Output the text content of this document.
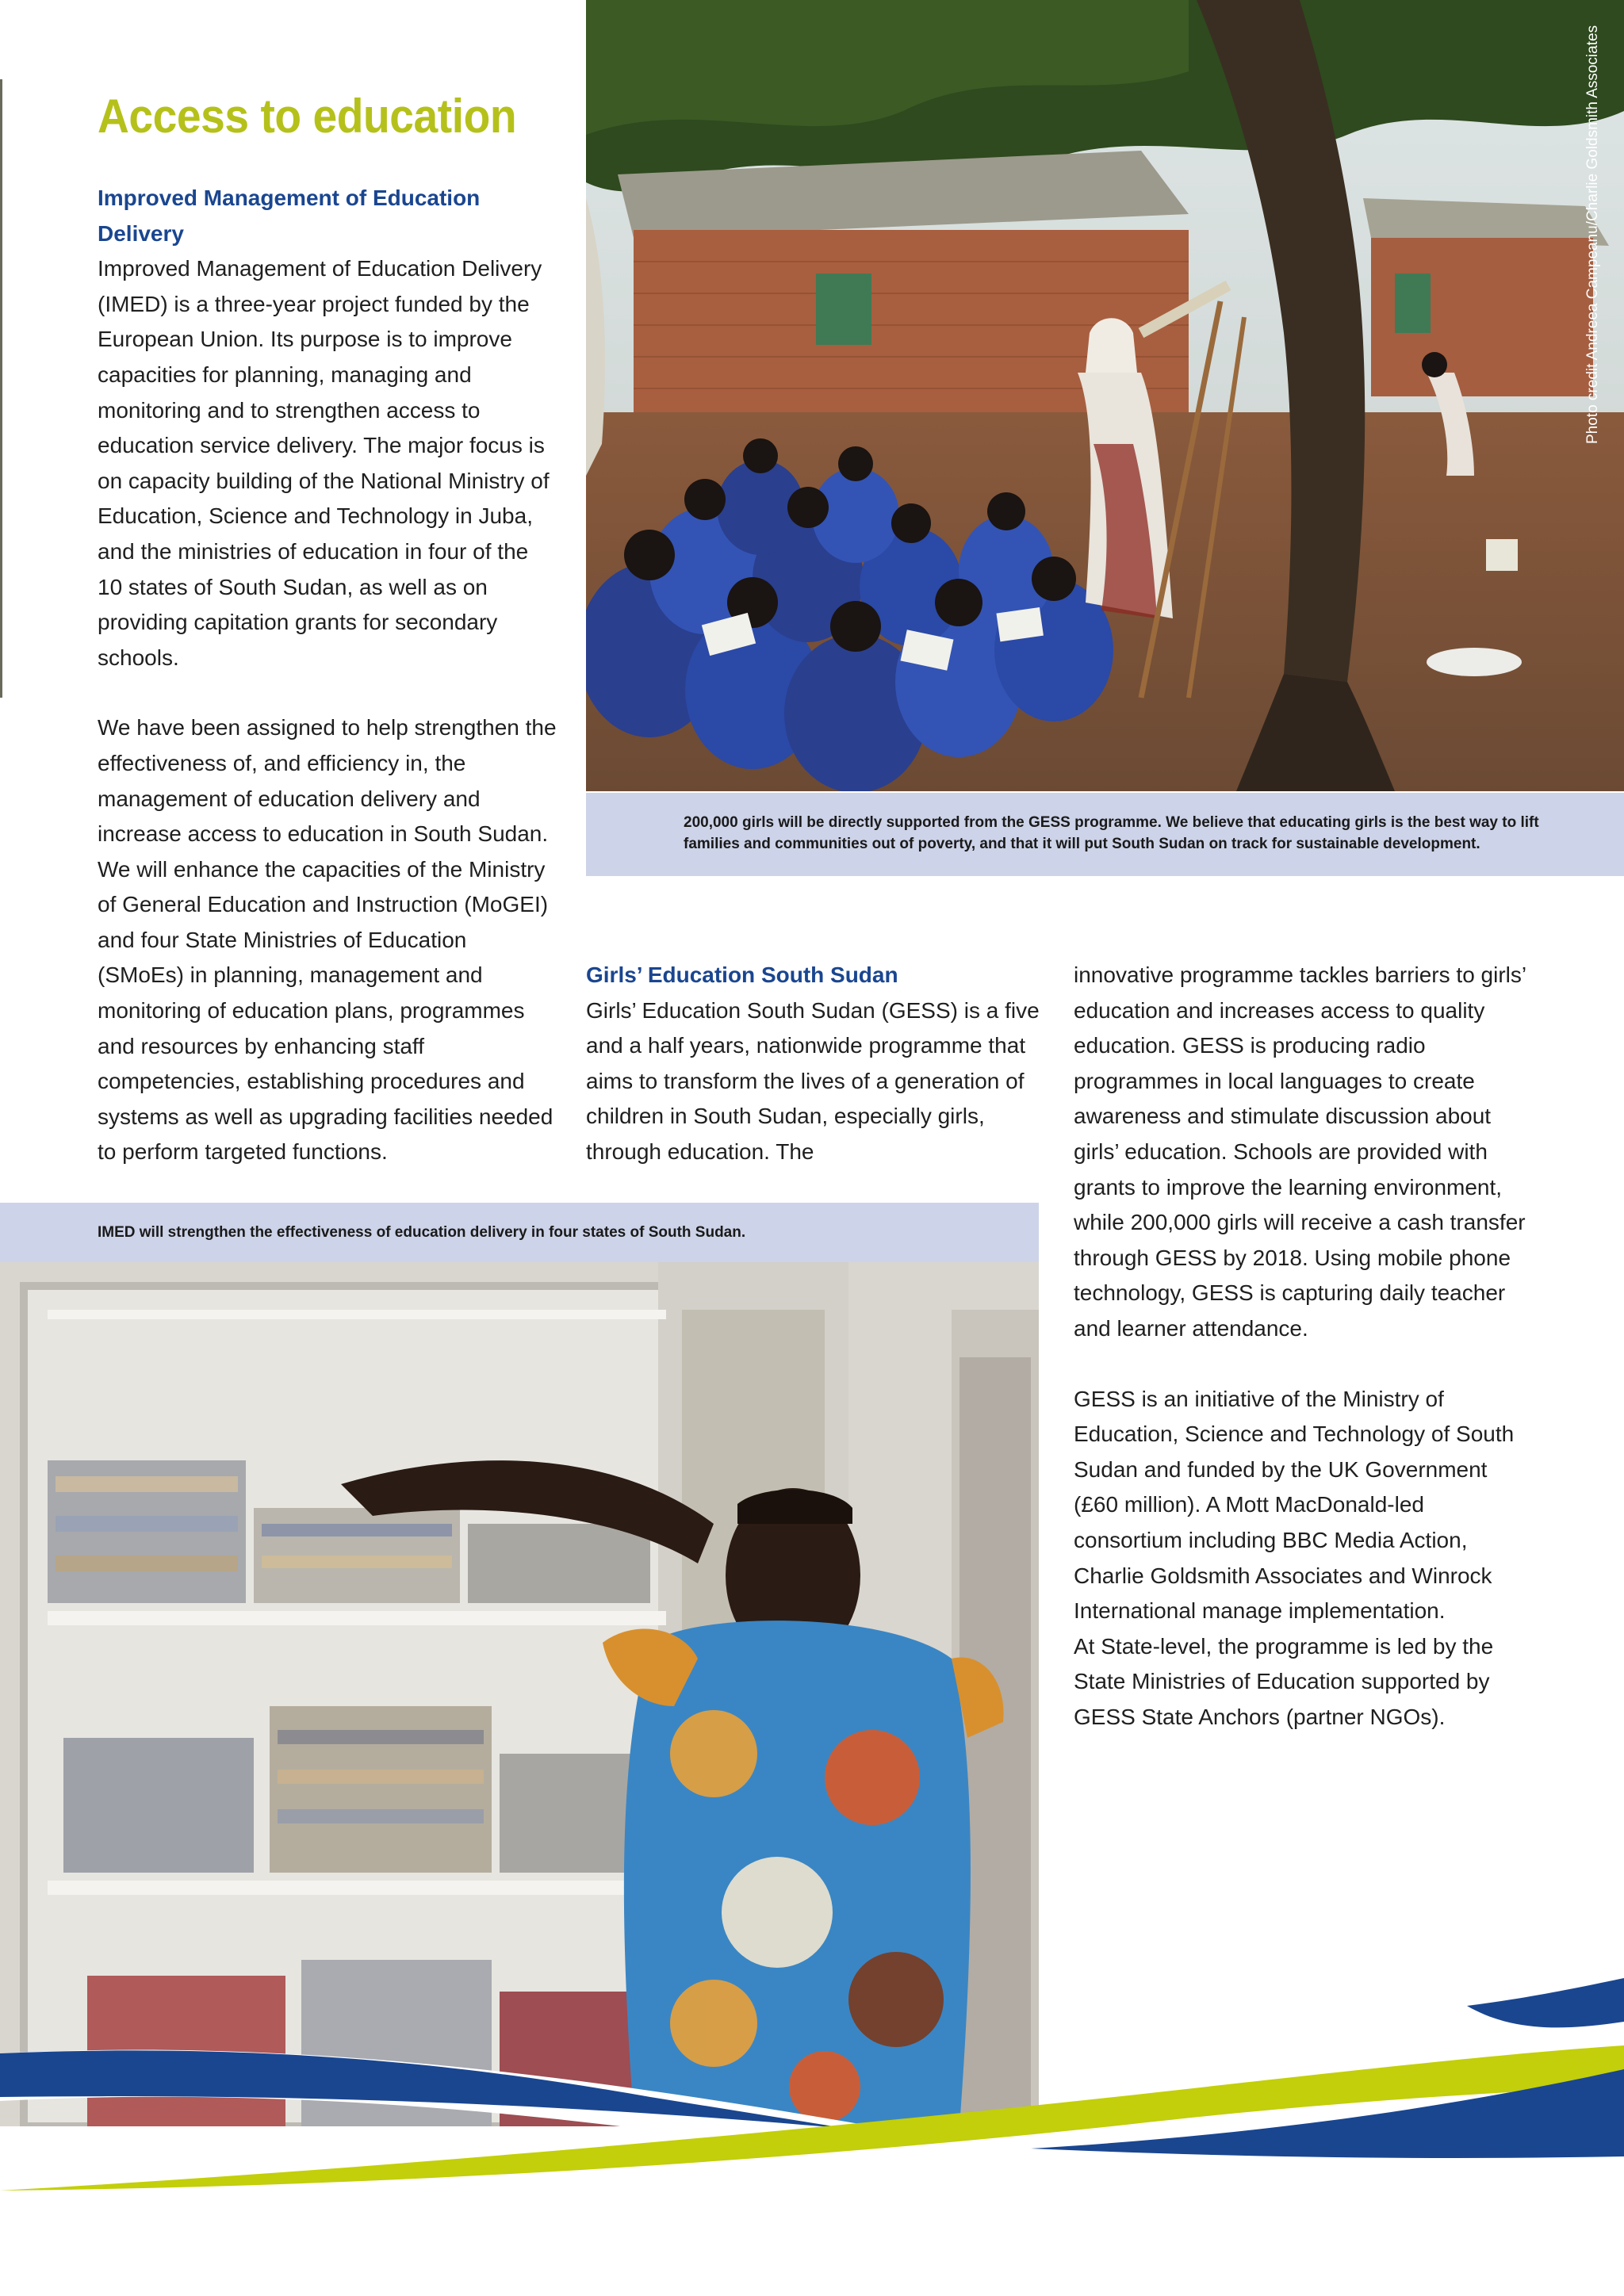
Access to education

Improved Management of Education Delivery

Improved Management of Education Delivery (IMED) is a three-year project funded by the European Union. Its purpose is to improve capacities for planning, managing and monitoring and to strengthen access to education service delivery. The major focus is on capacity building of the National Ministry of Education, Science and Technology in Juba, and the ministries of education in four of the 10 states of South Sudan, as well as on providing capitation grants for secondary schools.

We have been assigned to help strengthen the effectiveness of, and efficiency in, the management of education delivery and increase access to education in South Sudan. We will enhance the capacities of the Ministry of General Education and Instruction (MoGEI) and four State Ministries of Education (SMoEs) in planning, management and monitoring of education plans, programmes and resources by enhancing staff competencies, establishing procedures and systems as well as upgrading facilities needed to perform targeted functions.

Photo credit Andreea Campeanu/Charlie Goldsmith Associates

200,000 girls will be directly supported from the GESS programme. We believe that educating girls is the best way to lift families and communities out of poverty, and that it will put South Sudan on track for sustainable development.

Girls’ Education South Sudan

Girls’ Education South Sudan (GESS) is a five and a half years, nationwide programme that aims to transform the lives of a generation of children in South Sudan, especially girls, through education. The

innovative programme tackles barriers to girls’ education and increases access to quality education. GESS is producing radio programmes in local languages to create awareness and stimulate discussion about girls’ education. Schools are provided with grants to improve the learning environment, while 200,000 girls will receive a cash transfer through GESS by 2018. Using mobile phone technology, GESS is capturing daily teacher and learner attendance.

GESS is an initiative of the Ministry of Education, Science and Technology of South Sudan and funded by the UK Government (£60 million). A Mott MacDonald-led consortium including BBC Media Action, Charlie Goldsmith Associates and Winrock International manage implementation.

At State-level, the programme is led by the State Ministries of Education supported by GESS State Anchors (partner NGOs).

IMED will strengthen the effectiveness of education delivery in four states of South Sudan.
